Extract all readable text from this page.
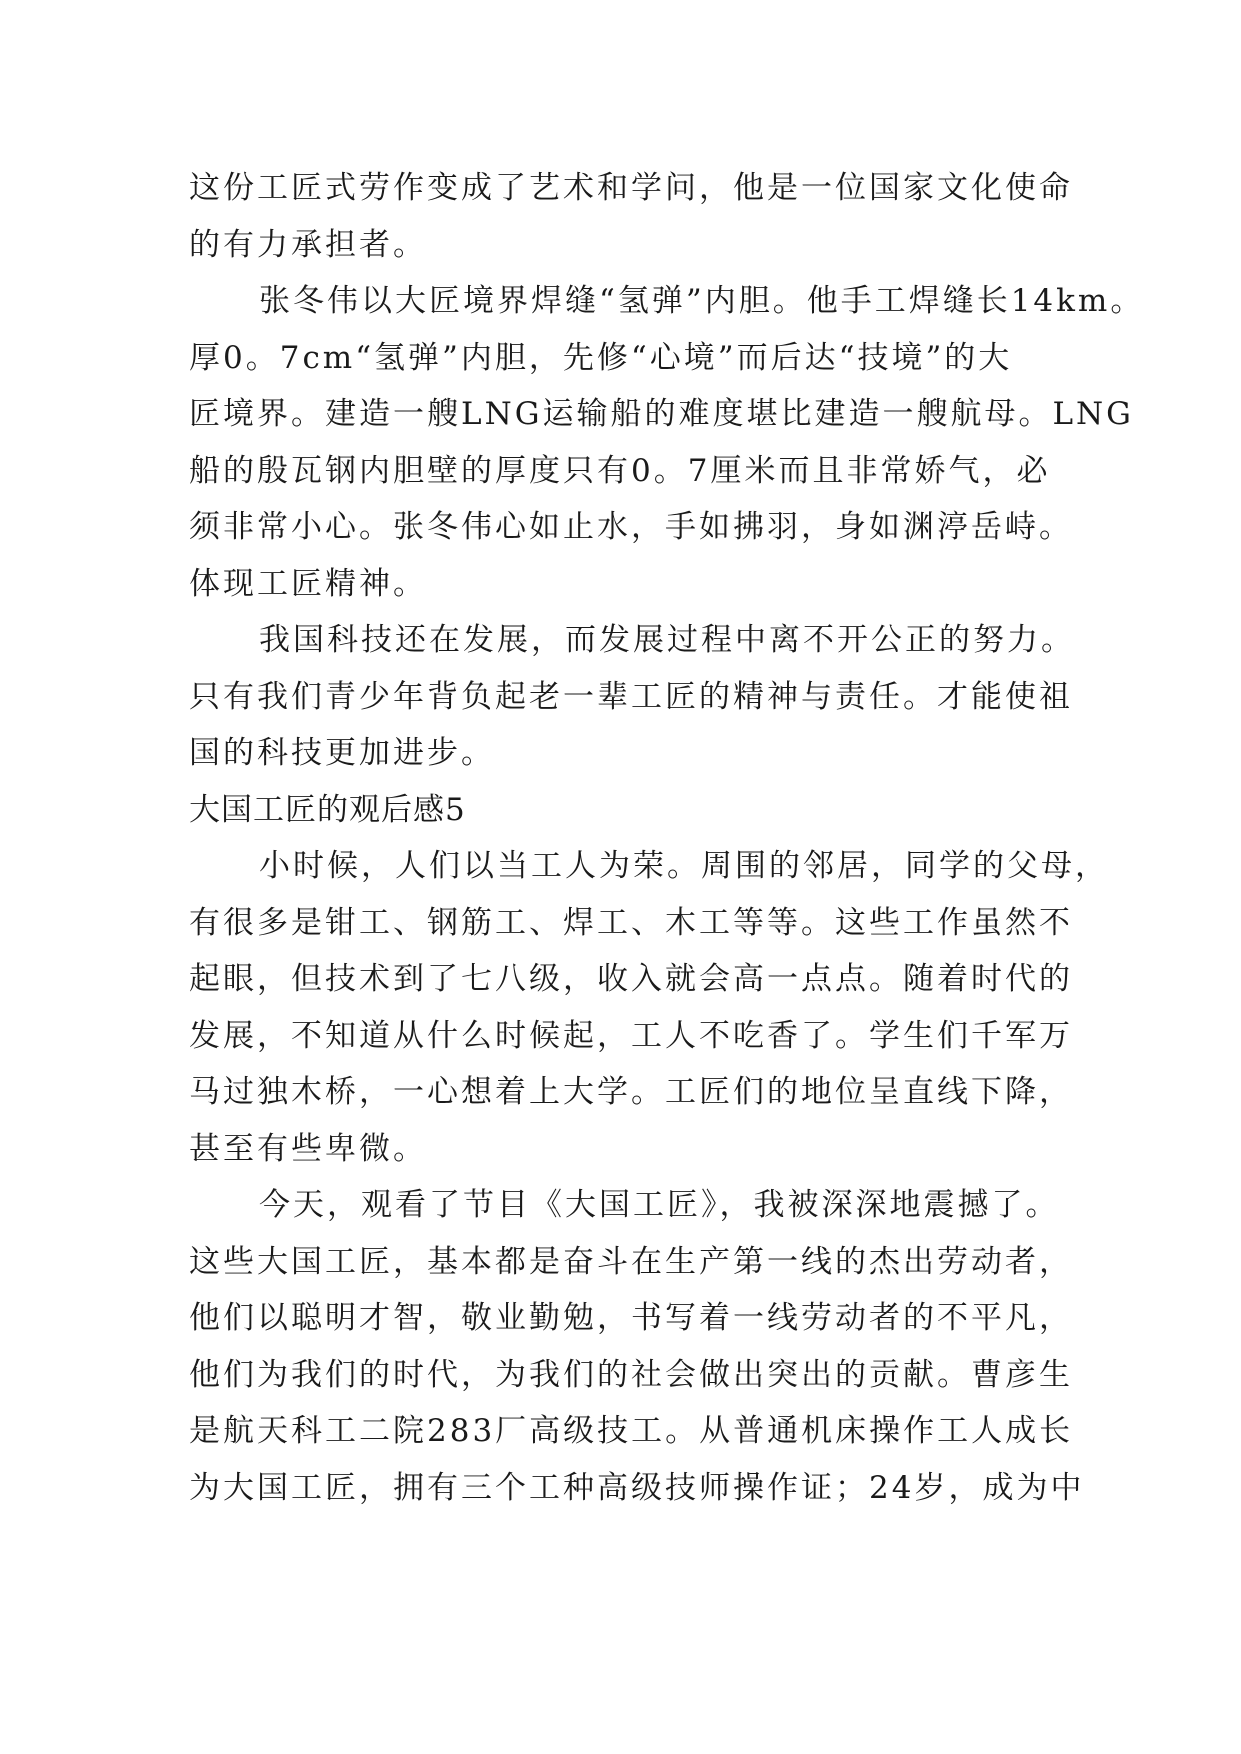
这份工匠式劳作变成了艺术和学问，他是一位国家文化使命
的有力承担者。
张冬伟以大匠境界焊缝“氢弹”内胆。他手工焊缝长14km。
厚0。7cm“氢弹”内胆，先修“心境”而后达“技境”的大
匠境界。建造一艘LNG运输船的难度堪比建造一艘航母。LNG
船的殷瓦钢内胆壁的厚度只有0。7厘米而且非常娇气，必
须非常小心。张冬伟心如止水，手如拂羽，身如渊渟岳峙。
体现工匠精神。
我国科技还在发展，而发展过程中离不开公正的努力。
只有我们青少年背负起老一辈工匠的精神与责任。才能使祖
国的科技更加进步。
大国工匠的观后感5
小时候，人们以当工人为荣。周围的邻居，同学的父母，
有很多是钳工、钢筋工、焊工、木工等等。这些工作虽然不
起眼，但技术到了七八级，收入就会高一点点。随着时代的
发展，不知道从什么时候起，工人不吃香了。学生们千军万
马过独木桥，一心想着上大学。工匠们的地位呈直线下降，
甚至有些卑微。
今天，观看了节目《大国工匠》，我被深深地震撼了。
这些大国工匠，基本都是奋斗在生产第一线的杰出劳动者，
他们以聪明才智，敬业勤勉，书写着一线劳动者的不平凡，
他们为我们的时代，为我们的社会做出突出的贡献。曹彦生
是航天科工二院283厂高级技工。从普通机床操作工人成长
为大国工匠，拥有三个工种高级技师操作证；24岁，成为中
